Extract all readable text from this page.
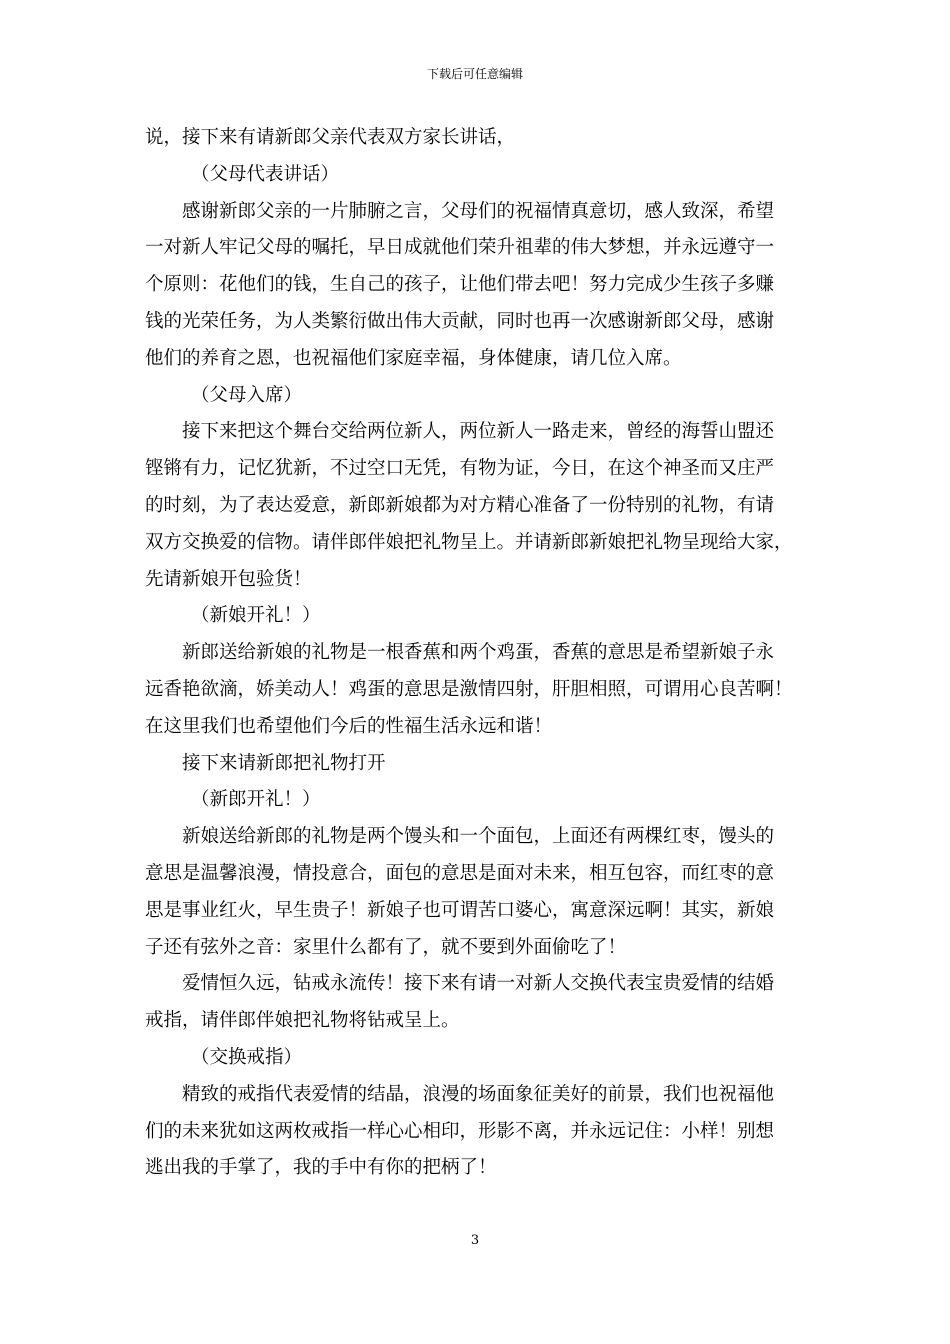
下载后可任意编辑

说，接下来有请新郎父亲代表双方家长讲话，

（父母代表讲话）

感谢新郎父亲的一片肺腑之言，父母们的祝福情真意切，感人致深，希望
一对新人牢记父母的嘱托，早日成就他们荣升祖辈的伟大梦想，并永远遵守一
个原则：花他们的钱，生自己的孩子，让他们带去吧！努力完成少生孩子多赚
钱的光荣任务，为人类繁衍做出伟大贡献，同时也再一次感谢新郎父母，感谢
他们的养育之恩，也祝福他们家庭幸福，身体健康，请几位入席。

（父母入席）

接下来把这个舞台交给两位新人，两位新人一路走来，曾经的海誓山盟还
铿锵有力，记忆犹新，不过空口无凭，有物为证，今日，在这个神圣而又庄严
的时刻，为了表达爱意，新郎新娘都为对方精心准备了一份特别的礼物，有请
双方交换爱的信物。请伴郎伴娘把礼物呈上。并请新郎新娘把礼物呈现给大家，
先请新娘开包验货！

（新娘开礼！）

新郎送给新娘的礼物是一根香蕉和两个鸡蛋，香蕉的意思是希望新娘子永
远香艳欲滴，娇美动人！鸡蛋的意思是激情四射，肝胆相照，可谓用心良苦啊！
在这里我们也希望他们今后的性福生活永远和谐！

接下来请新郎把礼物打开

（新郎开礼！）

新娘送给新郎的礼物是两个馒头和一个面包，上面还有两棵红枣，馒头的
意思是温馨浪漫，情投意合，面包的意思是面对未来，相互包容，而红枣的意
思是事业红火，早生贵子！新娘子也可谓苦口婆心，寓意深远啊！其实，新娘
子还有弦外之音：家里什么都有了，就不要到外面偷吃了！

爱情恒久远，钻戒永流传！接下来有请一对新人交换代表宝贵爱情的结婚
戒指，请伴郎伴娘把礼物将钻戒呈上。

（交换戒指）

精致的戒指代表爱情的结晶，浪漫的场面象征美好的前景，我们也祝福他
们的未来犹如这两枚戒指一样心心相印，形影不离，并永远记住：小样！别想
逃出我的手掌了，我的手中有你的把柄了！

3
